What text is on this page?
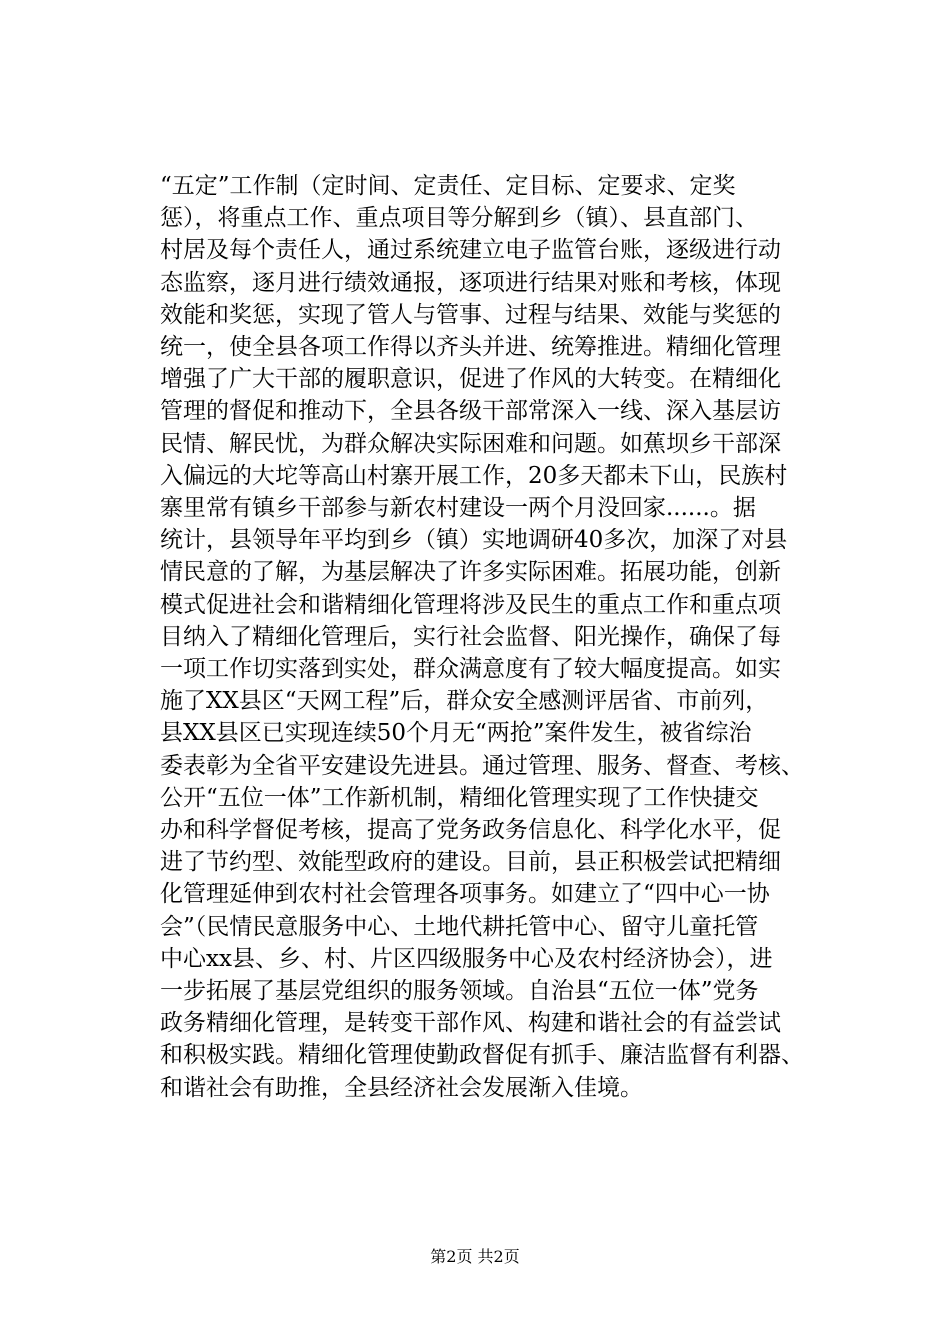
“五定”工作制（定时间、定责任、定目标、定要求、定奖
惩），将重点工作、重点项目等分解到乡（镇）、县直部门、
村居及每个责任人，通过系统建立电子监管台账，逐级进行动
态监察，逐月进行绩效通报，逐项进行结果对账和考核，体现
效能和奖惩，实现了管人与管事、过程与结果、效能与奖惩的
统一，使全县各项工作得以齐头并进、统筹推进。精细化管理
增强了广大干部的履职意识，促进了作风的大转变。在精细化
管理的督促和推动下，全县各级干部常深入一线、深入基层访
民情、解民忧，为群众解决实际困难和问题。如蕉坝乡干部深
入偏远的大坨等高山村寨开展工作，20多天都未下山，民族村
寨里常有镇乡干部参与新农村建设一两个月没回家......。据
统计，县领导年平均到乡（镇）实地调研40多次，加深了对县
情民意的了解，为基层解决了许多实际困难。拓展功能，创新
模式促进社会和谐精细化管理将涉及民生的重点工作和重点项
目纳入了精细化管理后，实行社会监督、阳光操作，确保了每
一项工作切实落到实处，群众满意度有了较大幅度提高。如实
施了XX县区“天网工程”后，群众安全感测评居省、市前列，
县XX县区已实现连续50个月无“两抢”案件发生，被省综治
委表彰为全省平安建设先进县。通过管理、服务、督查、考核、
公开“五位一体”工作新机制，精细化管理实现了工作快捷交
办和科学督促考核，提高了党务政务信息化、科学化水平，促
进了节约型、效能型政府的建设。目前，县正积极尝试把精细
化管理延伸到农村社会管理各项事务。如建立了“四中心一协
会”（民情民意服务中心、土地代耕托管中心、留守儿童托管
中心xx县、乡、村、片区四级服务中心及农村经济协会），进
一步拓展了基层党组织的服务领域。自治县“五位一体”党务
政务精细化管理，是转变干部作风、构建和谐社会的有益尝试
和积极实践。精细化管理使勤政督促有抓手、廉洁监督有利器、
和谐社会有助推，全县经济社会发展渐入佳境。
第2页 共2页
